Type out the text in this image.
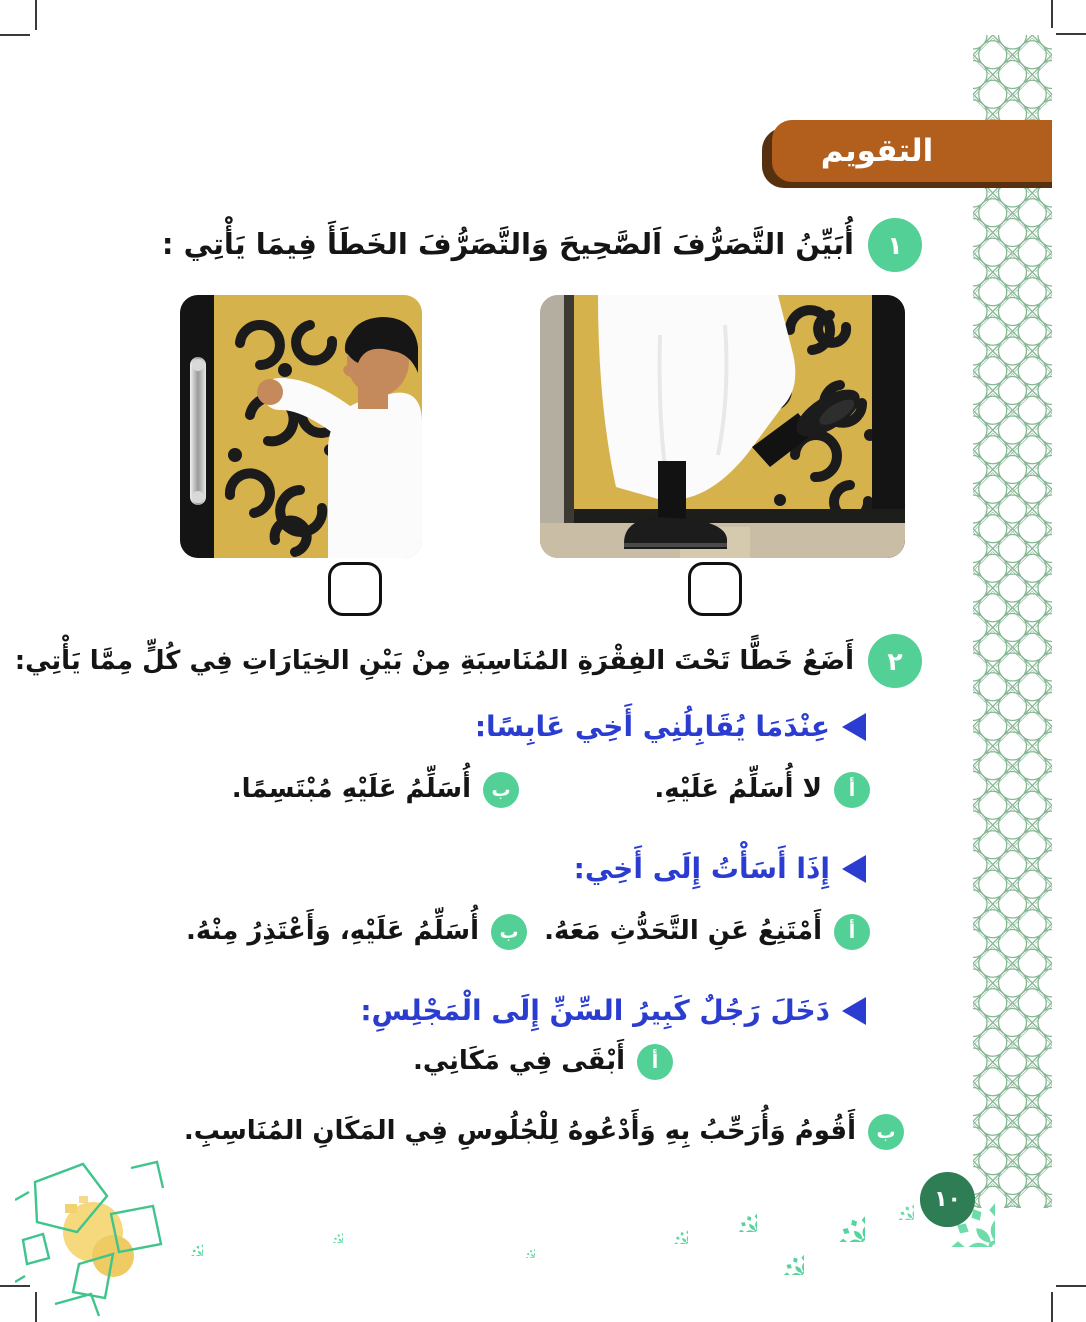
التقويم
١
أُبَيِّنُ التَّصَرُّفَ اَلصَّحِيحَ وَالتَّصَرُّفَ الخَطَأَ فِيمَا يَأْتِي :
٢
أَضَعُ خَطًّا تَحْتَ الفِقْرَةِ المُنَاسِبَةِ مِنْ بَيْنِ الخِيَارَاتِ فِي كُلٍّ مِمَّا يَأْتِي:
عِنْدَمَا يُقَابِلُنِي أَخِي عَابِسًا:
أ
لا أُسَلِّمُ عَلَيْهِ.
ب
أُسَلِّمُ عَلَيْهِ مُبْتَسِمًا.
إِذَا أَسَأْتُ إِلَى أَخِي:
أ
أَمْتَنِعُ عَنِ التَّحَدُّثِ مَعَهُ.
ب
أُسَلِّمُ عَلَيْهِ، وَأَعْتَذِرُ مِنْهُ.
دَخَلَ رَجُلٌ كَبِيرُ السِّنِّ إِلَى الْمَجْلِسِ:
أ
أَبْقَى فِي مَكَانِي.
ب
أَقُومُ وَأُرَحِّبُ بِهِ وَأَدْعُوهُ لِلْجُلُوسِ فِي المَكَانِ المُنَاسِبِ.
١٠
